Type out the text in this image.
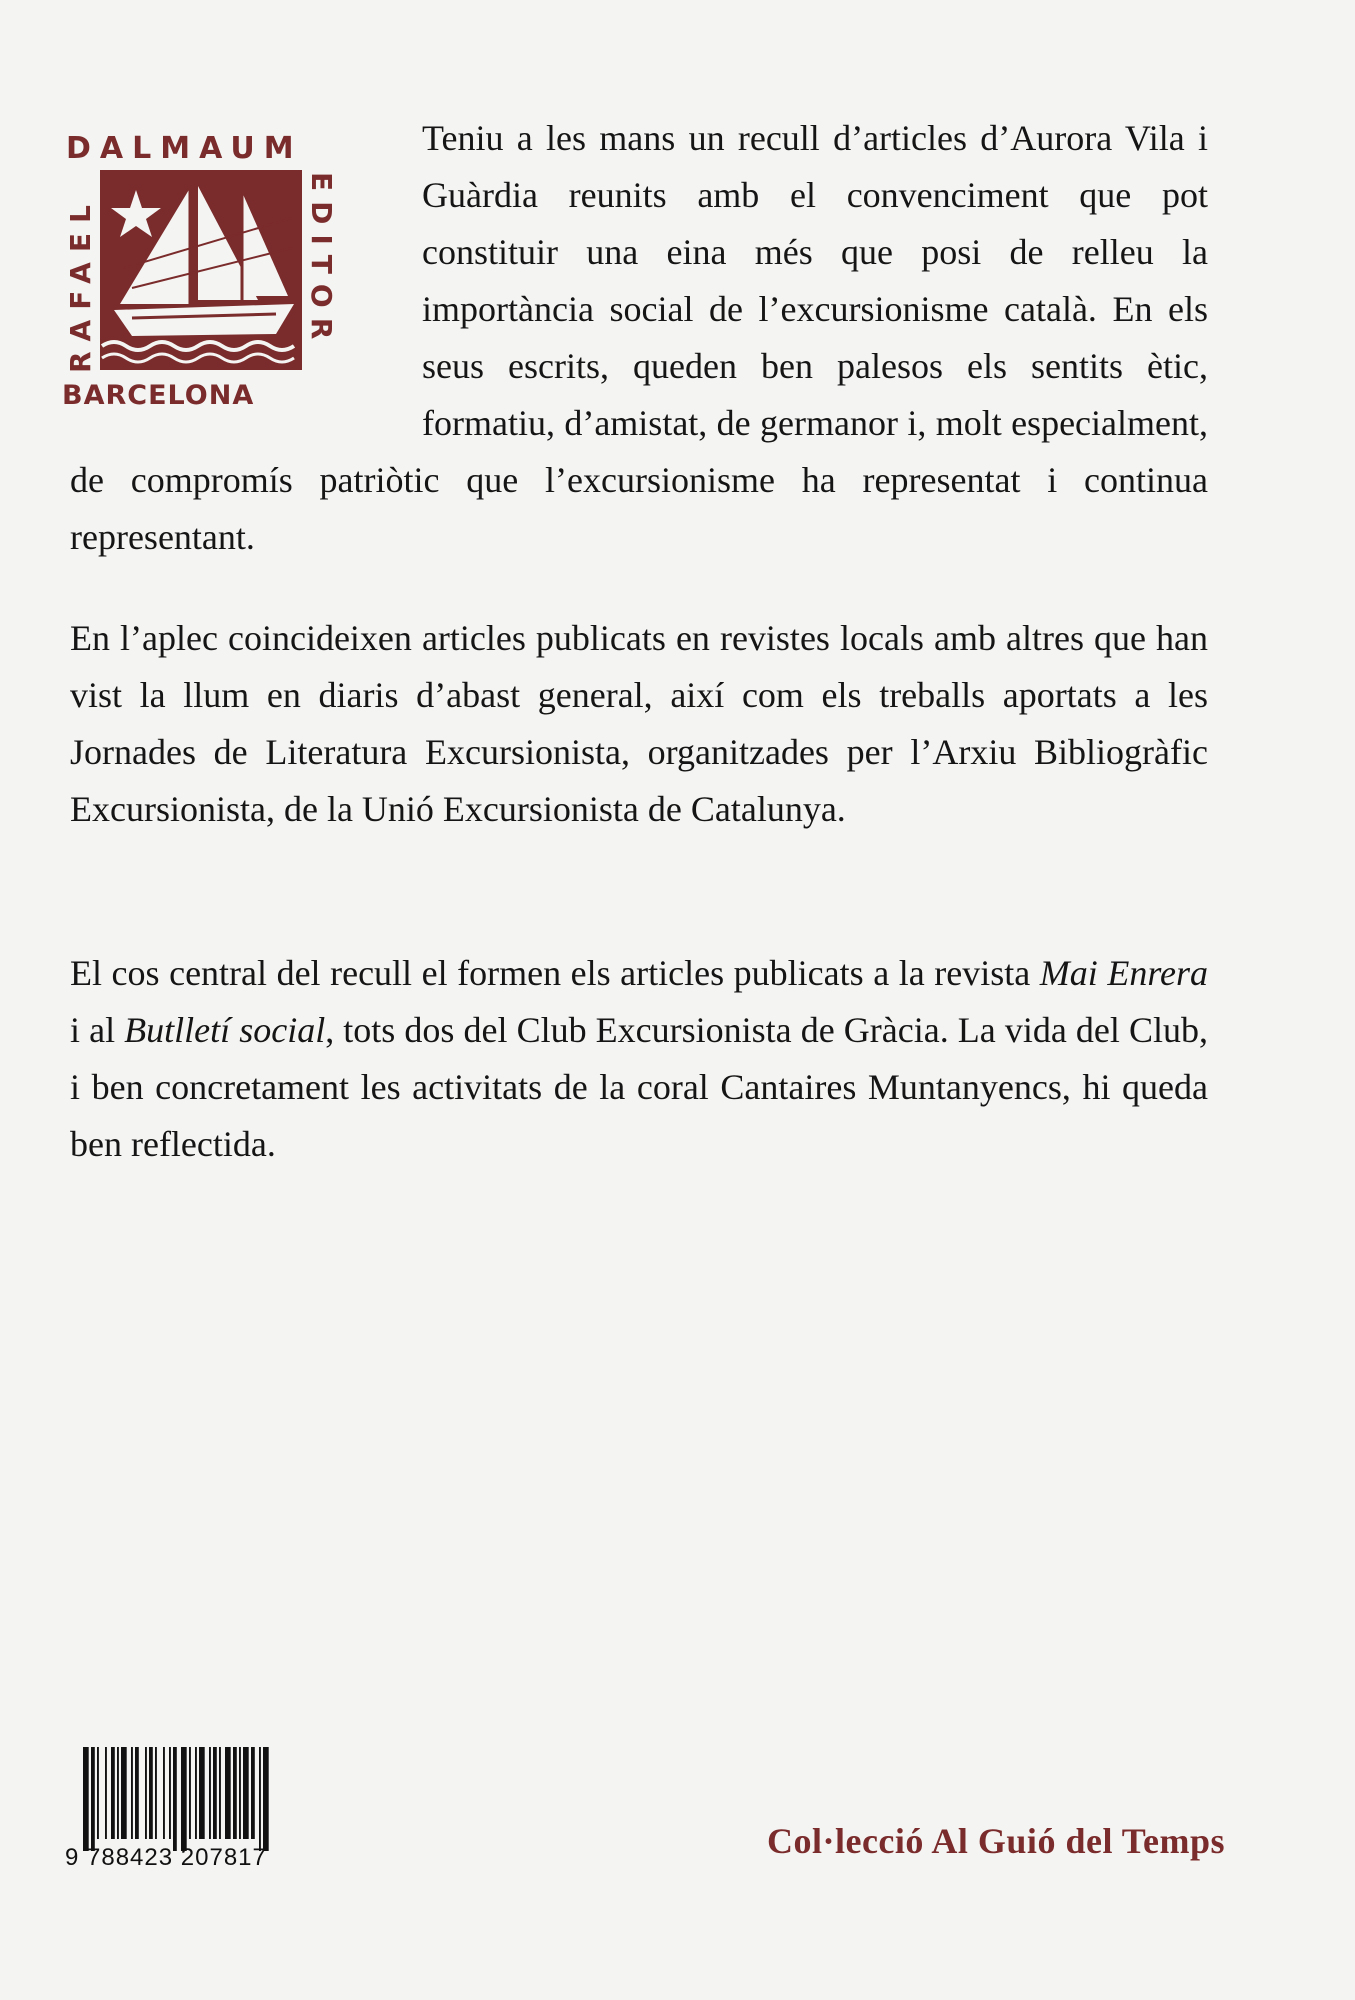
DALMAUM
BARCELONA
RAFAEL	EDITOR

Teniu a les mans un recull d’articles d’Aurora Vila i Guàrdia reunits amb el convenciment que pot constituir una eina més que posi de relleu la importància social de l’excursionisme català. En els seus escrits, queden ben palesos els sentits ètic, formatiu, d’amistat, de germanor i, molt especialment, de compromís patriòtic que l’excursionisme ha representat i continua representant.

En l’aplec coincideixen articles publicats en revistes locals amb altres que han vist la llum en diaris d’abast general, així com els treballs aportats a les Jornades de Literatura Excursionista, organitzades per l’Arxiu Bibliogràfic Excursionista, de la Unió Excursionista de Catalunya.

El cos central del recull el formen els articles publicats a la revista Mai Enrera i al Butlletí social, tots dos del Club Excursionista de Gràcia. La vida del Club, i ben concretament les activitats de la coral Cantaires Muntanyencs, hi queda ben reflectida.

9 788423 207817	Col·lecció Al Guió del Temps
